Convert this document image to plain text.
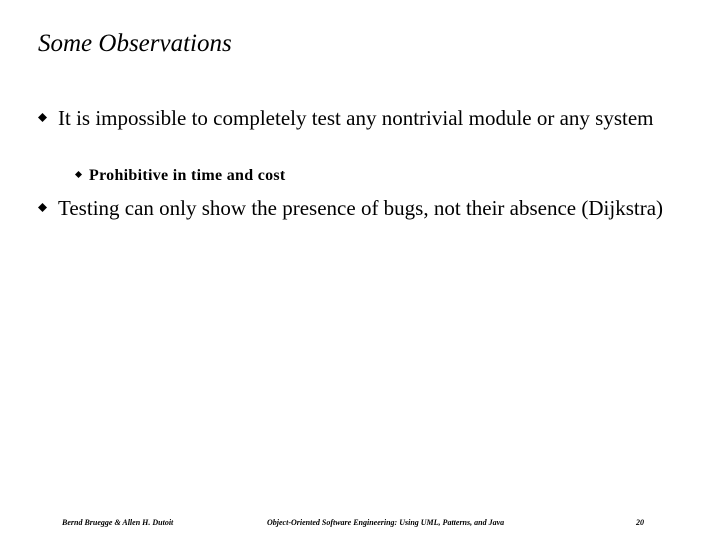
Some Observations
It is impossible to completely test any nontrivial module or any system
Prohibitive in time and cost
Testing can only show the presence of bugs, not their absence (Dijkstra)
Bernd Bruegge & Allen H. Dutoit	Object-Oriented Software Engineering: Using UML, Patterns, and Java	20
